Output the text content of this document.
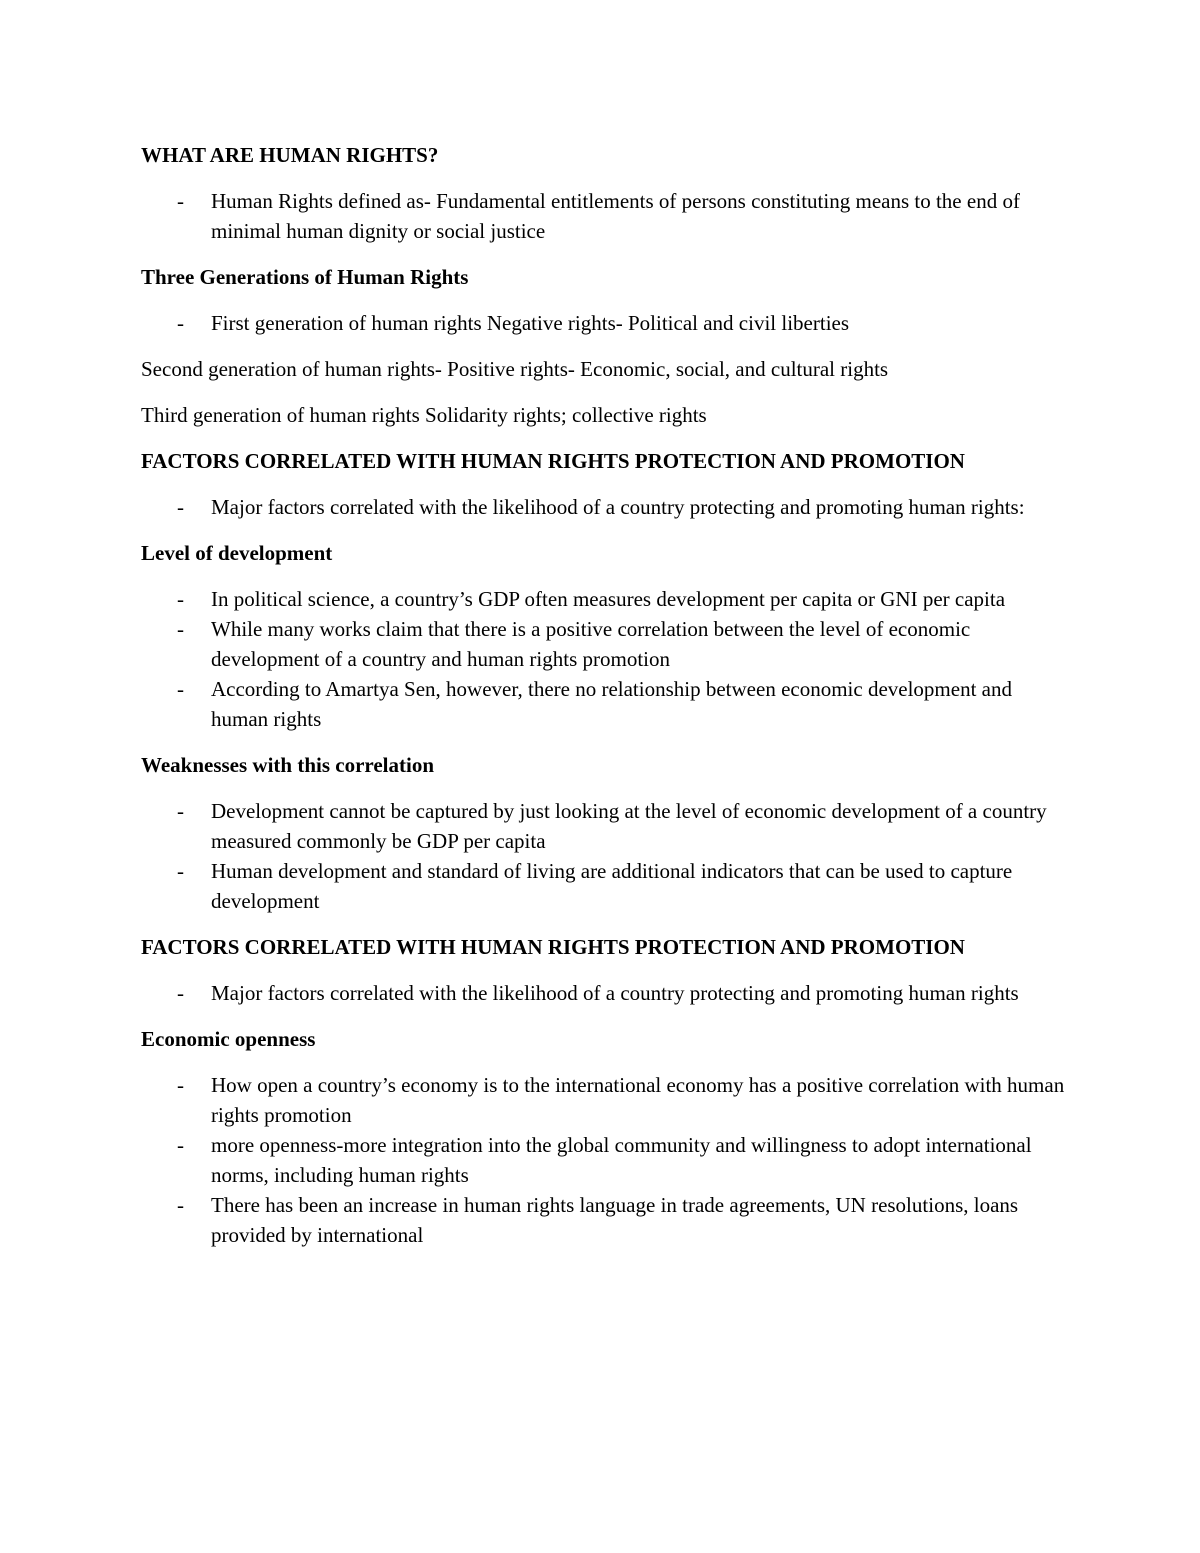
WHAT ARE HUMAN RIGHTS?

- Human Rights defined as- Fundamental entitlements of persons constituting means to the end of minimal human dignity or social justice

Three Generations of Human Rights

- First generation of human rights Negative rights- Political and civil liberties

Second generation of human rights- Positive rights- Economic, social, and cultural rights

Third generation of human rights Solidarity rights; collective rights

FACTORS CORRELATED WITH HUMAN RIGHTS PROTECTION AND PROMOTION

- Major factors correlated with the likelihood of a country protecting and promoting human rights:

Level of development

- In political science, a country’s GDP often measures development per capita or GNI per capita
- While many works claim that there is a positive correlation between the level of economic development of a country and human rights promotion
- According to Amartya Sen, however, there no relationship between economic development and human rights

Weaknesses with this correlation

- Development cannot be captured by just looking at the level of economic development of a country measured commonly be GDP per capita
- Human development and standard of living are additional indicators that can be used to capture development

FACTORS CORRELATED WITH HUMAN RIGHTS PROTECTION AND PROMOTION

- Major factors correlated with the likelihood of a country protecting and promoting human rights

Economic openness

- How open a country’s economy is to the international economy has a positive correlation with human rights promotion
- more openness-more integration into the global community and willingness to adopt international norms, including human rights
- There has been an increase in human rights language in trade agreements, UN resolutions, loans provided by international
